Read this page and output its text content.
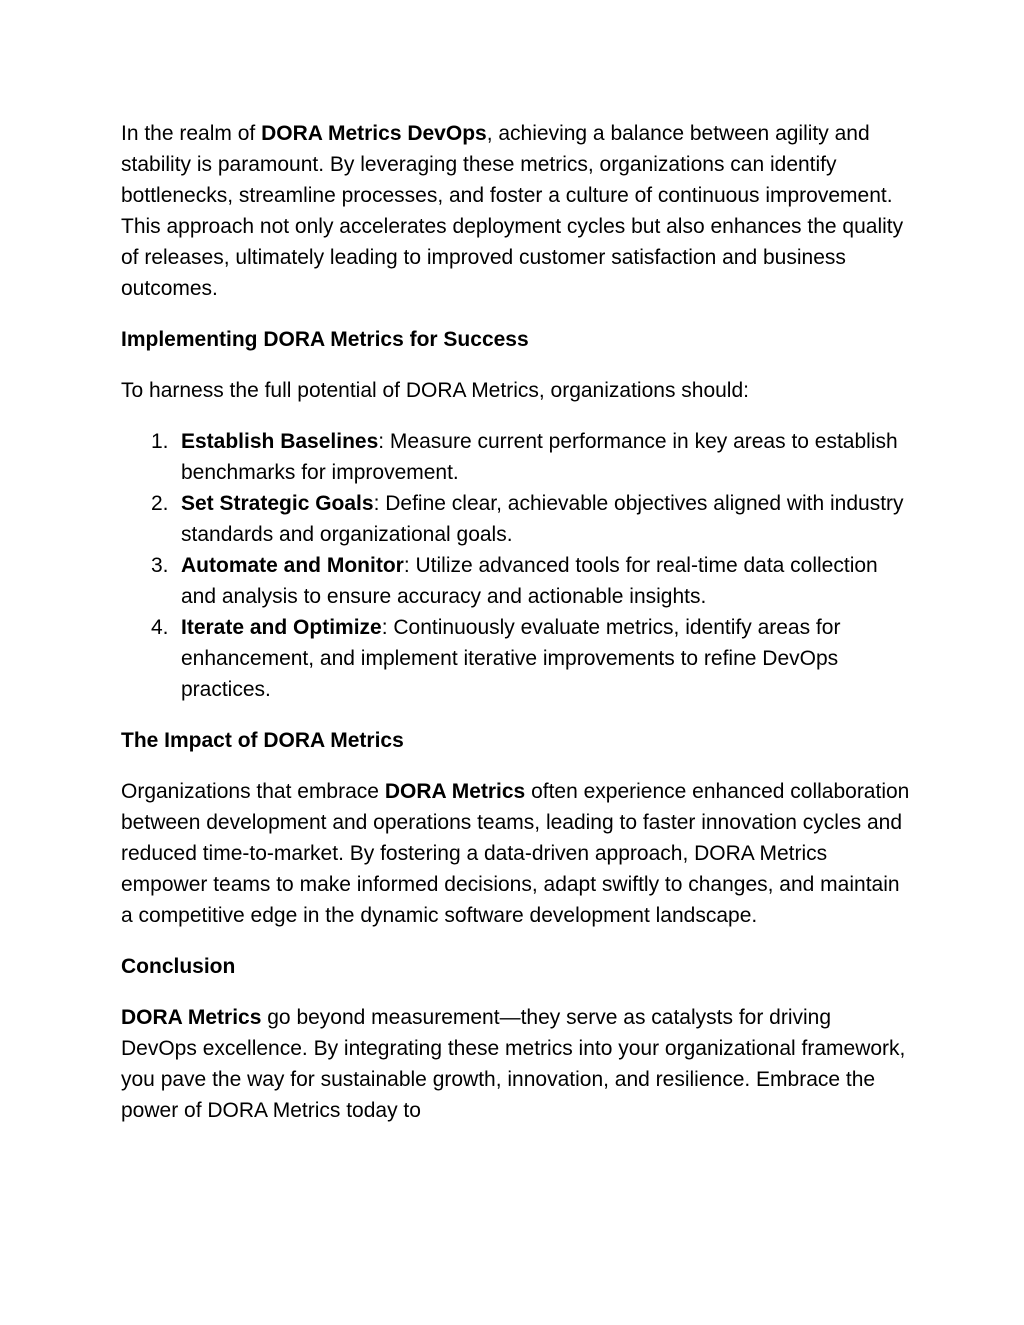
In the realm of DORA Metrics DevOps, achieving a balance between agility and stability is paramount. By leveraging these metrics, organizations can identify bottlenecks, streamline processes, and foster a culture of continuous improvement. This approach not only accelerates deployment cycles but also enhances the quality of releases, ultimately leading to improved customer satisfaction and business outcomes.

Implementing DORA Metrics for Success

To harness the full potential of DORA Metrics, organizations should:

1. Establish Baselines: Measure current performance in key areas to establish benchmarks for improvement.
2. Set Strategic Goals: Define clear, achievable objectives aligned with industry standards and organizational goals.
3. Automate and Monitor: Utilize advanced tools for real-time data collection and analysis to ensure accuracy and actionable insights.
4. Iterate and Optimize: Continuously evaluate metrics, identify areas for enhancement, and implement iterative improvements to refine DevOps practices.

The Impact of DORA Metrics

Organizations that embrace DORA Metrics often experience enhanced collaboration between development and operations teams, leading to faster innovation cycles and reduced time-to-market. By fostering a data-driven approach, DORA Metrics empower teams to make informed decisions, adapt swiftly to changes, and maintain a competitive edge in the dynamic software development landscape.

Conclusion

DORA Metrics go beyond measurement—they serve as catalysts for driving DevOps excellence. By integrating these metrics into your organizational framework, you pave the way for sustainable growth, innovation, and resilience. Embrace the power of DORA Metrics today to
